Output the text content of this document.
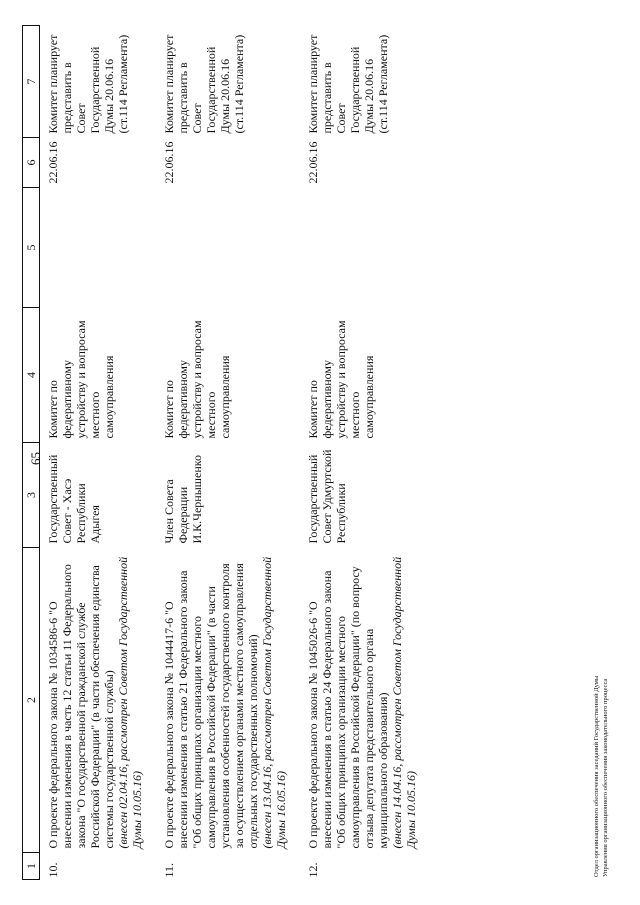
65
1	2	3	4	5	6	7
10.	О проекте федерального закона № 1034586-6 "О внесении изменения в часть 12 статьи 11 Федерального закона "О государственной гражданской службе Российской Федерации" (в части обеспечения единства системы государственной службы)
(внесен 02.04.16, рассмотрен Советом Государственной Думы 10.05.16)	Государственный Совет - Хасэ Республики Адыгея	Комитет по федеративному устройству и вопросам местного самоуправления		22.06.16	Комитет планирует представить в Совет Государственной Думы 20.06.16 (ст.114 Регламента)

11.	О проекте федерального закона № 1044417-6 "О внесении изменения в статью 21 Федерального закона "Об общих принципах организации местного самоуправления в Российской Федерации" (в части установления особенностей государственного контроля за осуществлением органами местного самоуправления отдельных государственных полномочий)
(внесен 13.04.16, рассмотрен Советом Государственной Думы 16.05.16)	Член Совета Федерации И.К.Чернышенко	Комитет по федеративному устройству и вопросам местного самоуправления		22.06.16	Комитет планирует представить в Совет Государственной Думы 20.06.16 (ст.114 Регламента)

12.	О проекте федерального закона № 1045026-6 "О внесении изменения в статью 24 Федерального закона "Об общих принципах организации местного самоуправления в Российской Федерации" (по вопросу отзыва депутата представительного органа муниципального образования)
(внесен 14.04.16, рассмотрен Советом Государственной Думы 10.05.16)	Государственный Совет Удмуртской Республики	Комитет по федеративному устройству и вопросам местного самоуправления		22.06.16	Комитет планирует представить в Совет Государственной Думы 20.06.16 (ст.114 Регламента)
Отдел организационного обеспечения заседаний Государственной Думы Управления организационного обеспечения законодательного процесса
